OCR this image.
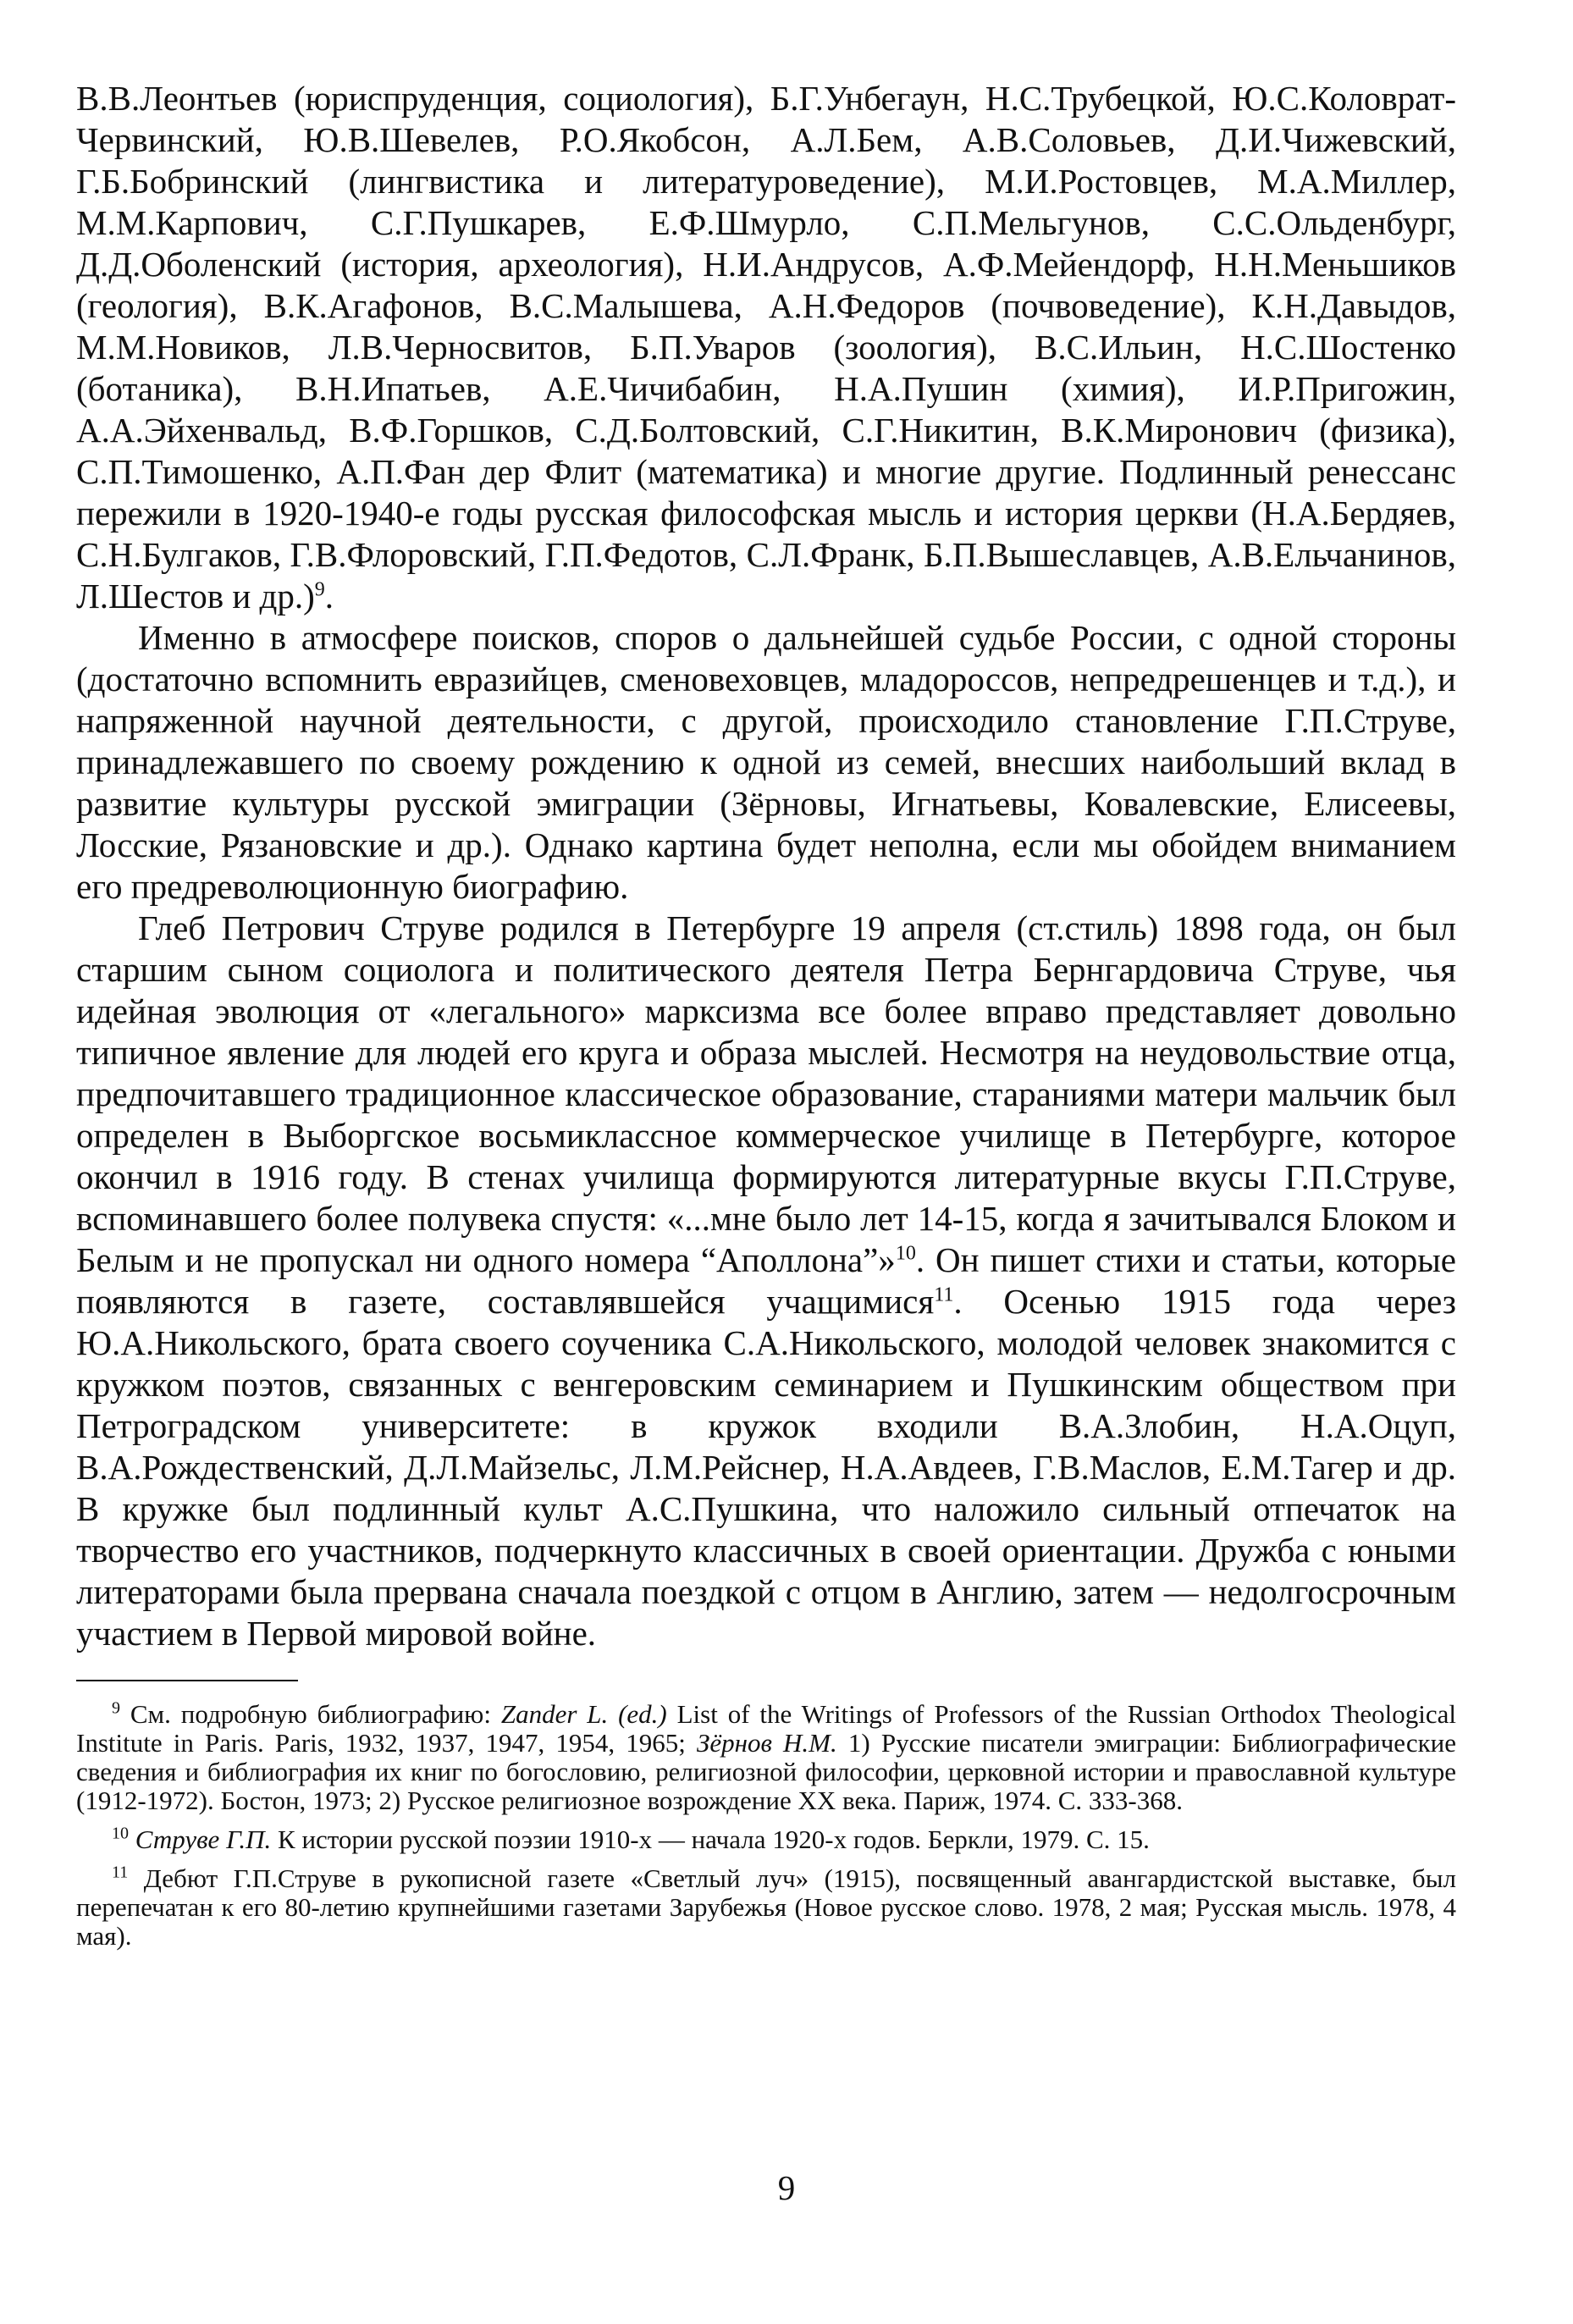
В.В.Леонтьев (юриспруденция, социология), Б.Г.Унбегаун, Н.С.Трубецкой, Ю.С.Коловрат-Червинский, Ю.В.Шевелев, Р.О.Якобсон, А.Л.Бем, А.В.Соловьев, Д.И.Чижевский, Г.Б.Бобринский (лингвистика и литературоведение), М.И.Ростовцев, М.А.Миллер, М.М.Карпович, С.Г.Пушкарев, Е.Ф.Шмурло, С.П.Мельгунов, С.С.Ольденбург, Д.Д.Оболенский (история, археология), Н.И.Андрусов, А.Ф.Мейендорф, Н.Н.Меньшиков (геология), В.К.Агафонов, В.С.Малышева, А.Н.Федоров (почвоведение), К.Н.Давыдов, М.М.Новиков, Л.В.Черносвитов, Б.П.Уваров (зоология), В.С.Ильин, Н.С.Шостенко (ботаника), В.Н.Ипатьев, А.Е.Чичибабин, Н.А.Пушин (химия), И.Р.Пригожин, А.А.Эйхенвальд, В.Ф.Горшков, С.Д.Болтовский, С.Г.Никитин, В.К.Миронович (физика), С.П.Тимошенко, А.П.Фан дер Флит (математика) и многие другие. Подлинный ренессанс пережили в 1920-1940-е годы русская философская мысль и история церкви (Н.А.Бердяев, С.Н.Булгаков, Г.В.Флоровский, Г.П.Федотов, С.Л.Франк, Б.П.Вышеславцев, А.В.Ельчанинов, Л.Шестов и др.)$^9$.

Именно в атмосфере поисков, споров о дальнейшей судьбе России, с одной стороны (достаточно вспомнить евразийцев, сменовеховцев, младороссов, непредрешенцев и т.д.), и напряженной научной деятельности, с другой, происходило становление Г.П.Струве, принадлежавшего по своему рождению к одной из семей, внесших наибольший вклад в развитие культуры русской эмиграции (Зёрновы, Игнатьевы, Ковалевские, Елисеевы, Лосские, Рязановские и др.). Однако картина будет неполна, если мы обойдем вниманием его предреволюционную биографию.

Глеб Петрович Струве родился в Петербурге 19 апреля (ст.стиль) 1898 года, он был старшим сыном социолога и политического деятеля Петра Бернгардовича Струве, чья идейная эволюция от «легального» марксизма все более вправо представляет довольно типичное явление для людей его круга и образа мыслей. Несмотря на неудовольствие отца, предпочитавшего традиционное классическое образование, стараниями матери мальчик был определен в Выборгское восьмиклассное коммерческое училище в Петербурге, которое окончил в 1916 году. В стенах училища формируются литературные вкусы Г.П.Струве, вспоминавшего более полувека спустя: «...мне было лет 14-15, когда я зачитывался Блоком и Белым и не пропускал ни одного номера “Аполлона”»$^{10}$. Он пишет стихи и статьи, которые появляются в газете, составлявшейся учащимися$^{11}$. Осенью 1915 года через Ю.А.Никольского, брата своего соученика С.А.Никольского, молодой человек знакомится с кружком поэтов, связанных с венгеровским семинарием и Пушкинским обществом при Петроградском университете: в кружок входили В.А.Злобин, Н.А.Оцуп, В.А.Рождественский, Д.Л.Майзельс, Л.М.Рейснер, Н.А.Авдеев, Г.В.Маслов, Е.М.Тагер и др. В кружке был подлинный культ А.С.Пушкина, что наложило сильный отпечаток на творчество его участников, подчеркнуто классичных в своей ориентации. Дружба с юными литераторами была прервана сначала поездкой с отцом в Англию, затем — недолгосрочным участием в Первой мировой войне.

$^9$ См. подробную библиографию: Zander L. (ed.) List of the Writings of Professors of the Russian Orthodox Theological Institute in Paris. Paris, 1932, 1937, 1947, 1954, 1965; Зёрнов Н.М. 1) Русские писатели эмиграции: Библиографические сведения и библиография их книг по богословию, религиозной философии, церковной истории и православной культуре (1912-1972). Бостон, 1973; 2) Русское религиозное возрождение XX века. Париж, 1974. С. 333-368.

$^{10}$ Струве Г.П. К истории русской поэзии 1910-х — начала 1920-х годов. Беркли, 1979. С. 15.

$^{11}$ Дебют Г.П.Струве в рукописной газете «Светлый луч» (1915), посвященный авангардистской выставке, был перепечатан к его 80-летию крупнейшими газетами Зарубежья (Новое русское слово. 1978, 2 мая; Русская мысль. 1978, 4 мая).

9
